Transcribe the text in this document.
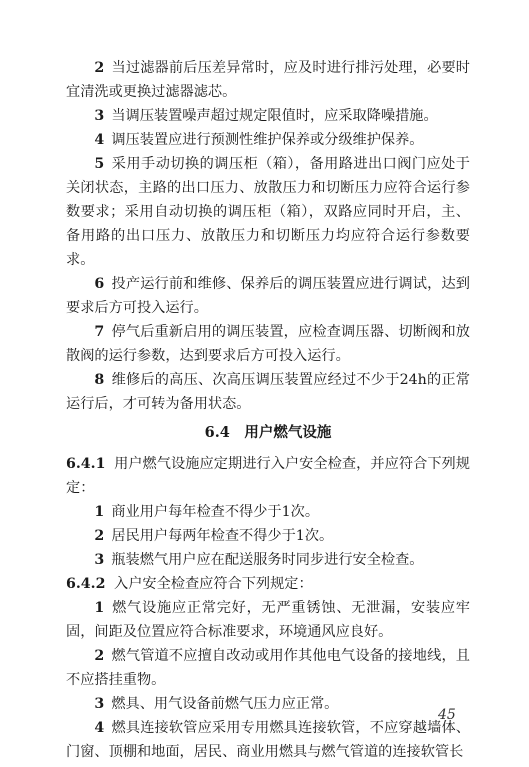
2 当过滤器前后压差异常时，应及时进行排污处理，必要时宜清洗或更换过滤器滤芯。

3 当调压装置噪声超过规定限值时，应采取降噪措施。

4 调压装置应进行预测性维护保养或分级维护保养。

5 采用手动切换的调压柜（箱），备用路进出口阀门应处于关闭状态，主路的出口压力、放散压力和切断压力应符合运行参数要求；采用自动切换的调压柜（箱），双路应同时开启，主、备用路的出口压力、放散压力和切断压力均应符合运行参数要求。

6 投产运行前和维修、保养后的调压装置应进行调试，达到要求后方可投入运行。

7 停气后重新启用的调压装置，应检查调压器、切断阀和放散阀的运行参数，达到要求后方可投入运行。

8 维修后的高压、次高压调压装置应经过不少于24h的正常运行后，才可转为备用状态。

6.4 用户燃气设施

6.4.1 用户燃气设施应定期进行入户安全检查，并应符合下列规定：

1 商业用户每年检查不得少于1次。

2 居民用户每两年检查不得少于1次。

3 瓶装燃气用户应在配送服务时同步进行安全检查。

6.4.2 入户安全检查应符合下列规定：

1 燃气设施应正常完好，无严重锈蚀、无泄漏，安装应牢固，间距及位置应符合标准要求，环境通风应良好。

2 燃气管道不应擅自改动或用作其他电气设备的接地线，且不应搭挂重物。

3 燃具、用气设备前燃气压力应正常。

4 燃具连接软管应采用专用燃具连接软管，不应穿越墙体、门窗、顶棚和地面，居民、商业用燃具与燃气管道的连接软管长

45
